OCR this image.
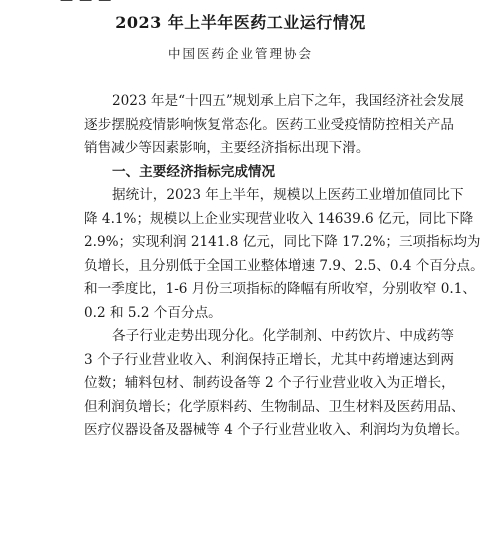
— — —
2023 年上半年医药工业运行情况
中国医药企业管理协会

2023 年是“十四五”规划承上启下之年，我国经济社会发展
逐步摆脱疫情影响恢复常态化。医药工业受疫情防控相关产品
销售减少等因素影响，主要经济指标出现下滑。

一、主要经济指标完成情况

据统计，2023 年上半年，规模以上医药工业增加值同比下
降 4.1%；规模以上企业实现营业收入 14639.6 亿元，同比下降
2.9%；实现利润 2141.8 亿元，同比下降 17.2%；三项指标均为
负增长，且分别低于全国工业整体增速 7.9、2.5、0.4 个百分点。
和一季度比，1-6 月份三项指标的降幅有所收窄，分别收窄 0.1、
0.2 和 5.2 个百分点。

各子行业走势出现分化。化学制剂、中药饮片、中成药等
3 个子行业营业收入、利润保持正增长，尤其中药增速达到两
位数；辅料包材、制药设备等 2 个子行业营业收入为正增长，
但利润负增长；化学原料药、生物制品、卫生材料及医药用品、
医疗仪器设备及器械等 4 个子行业营业收入、利润均为负增长。
